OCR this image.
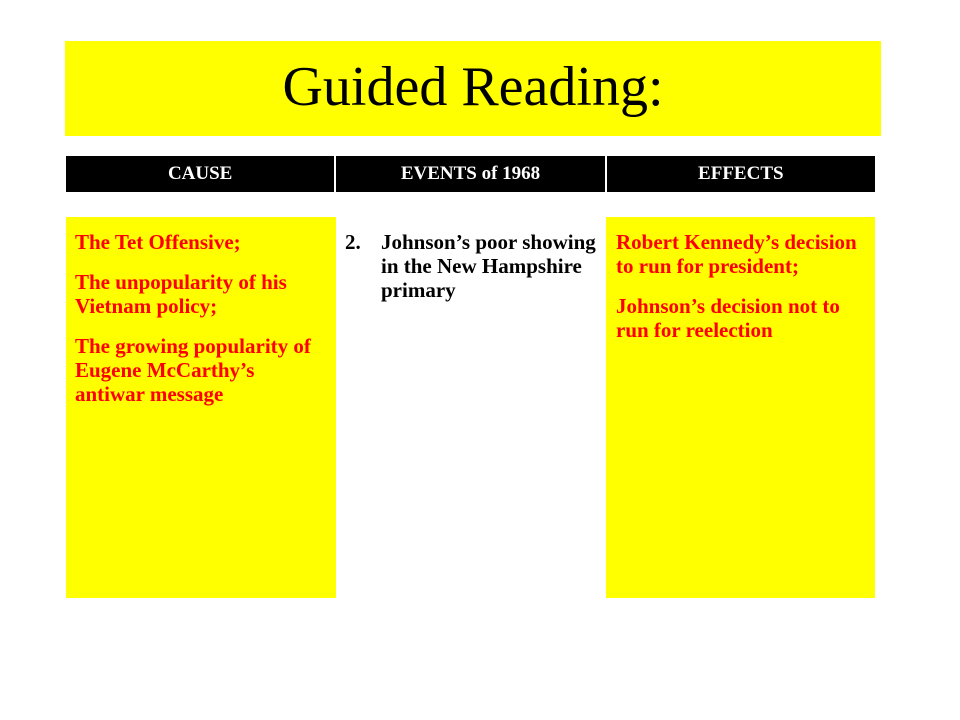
Guided Reading:
CAUSE	EVENTS of 1968	EFFECTS

The Tet Offensive;

The unpopularity of his Vietnam policy;

The growing popularity of Eugene McCarthy’s antiwar message

2. Johnson’s poor showing in the New Hampshire primary

Robert Kennedy’s decision to run for president;

Johnson’s decision not to run for reelection
